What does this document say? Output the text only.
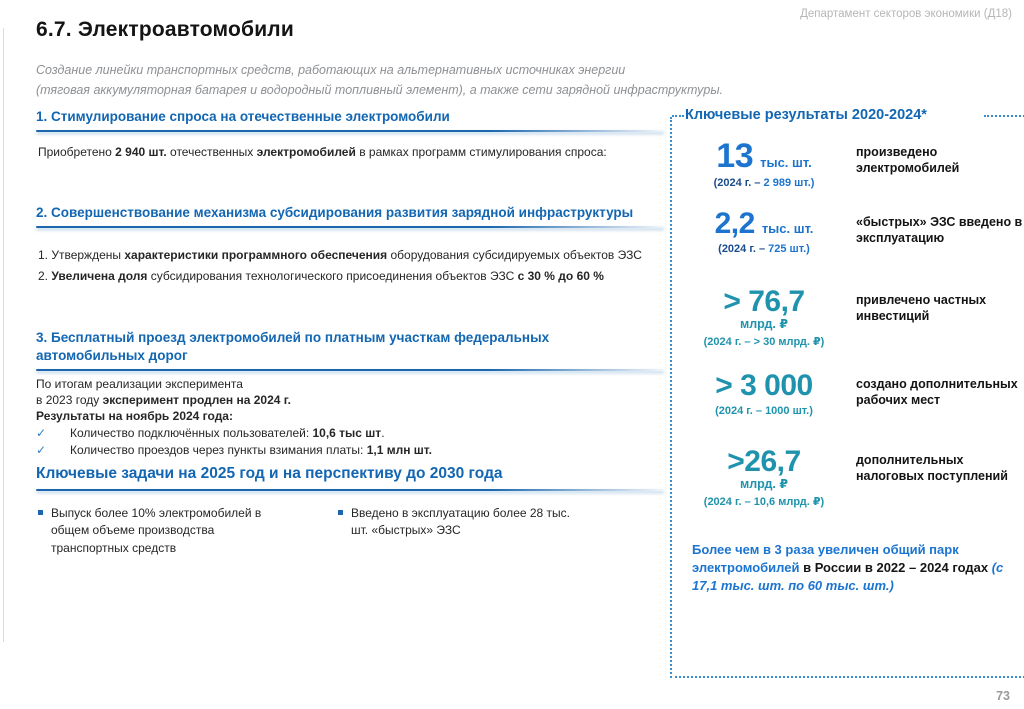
Департамент секторов экономики (Д18)
6.7. Электроавтомобили
Создание линейки транспортных средств, работающих на альтернативных источниках энергии
(тяговая аккумуляторная батарея и водородный топливный элемент), а также сети зарядной инфраструктуры.
1. Стимулирование спроса на отечественные электромобили

Приобретено 2 940 шт. отечественных электромобилей в рамках программ стимулирования спроса:

2. Совершенствование механизма субсидирования развития зарядной инфраструктуры
1. Утверждены характеристики программного обеспечения оборудования субсидируемых объектов ЭЗС
2. Увеличена доля субсидирования технологического присоединения объектов ЭЗС с 30 % до 60 %
3. Бесплатный проезд электромобилей по платным участкам федеральных автомобильных дорог
По итогам реализации эксперимента
в 2023 году эксперимент продлен на 2024 г.
Результаты на ноябрь 2024 года:
✓	Количество подключённых пользователей: 10,6 тыс шт.
✓	Количество проездов через пункты взимания платы: 1,1 млн шт.
Ключевые задачи на 2025 год и на перспективу до 2030 года
Выпуск более 10% электромобилей в общем объеме производства транспортных средств
Введено в эксплуатацию более 28 тыс. шт. «быстрых» ЭЗС
Ключевые результаты 2020-2024*
13 тыс. шт.
(2024 г. – 2 989 шт.)
произведено электромобилей
2,2 тыс. шт.
(2024 г. – 725 шт.)
«быстрых» ЭЗС введено в эксплуатацию
> 76,7
млрд. ₽
(2024 г. – > 30 млрд. ₽)
привлечено частных инвестиций
> 3 000
(2024 г. – 1000 шт.)
создано дополнительных рабочих мест
>26,7
млрд. ₽
(2024 г. – 10,6 млрд. ₽)
дополнительных налоговых поступлений
Более чем в 3 раза увеличен общий парк электромобилей в России в 2022 – 2024 годах (с 17,1 тыс. шт. по 60 тыс. шт.)
73
